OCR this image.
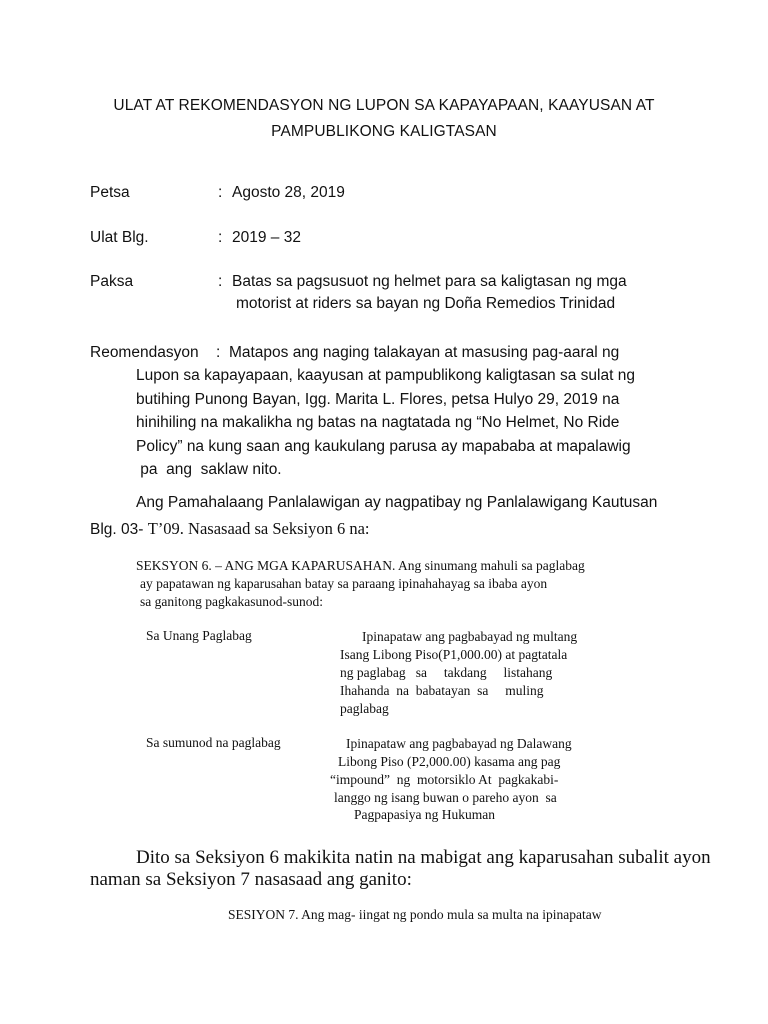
ULAT AT REKOMENDASYON NG LUPON SA KAPAYAPAAN, KAAYUSAN AT
PAMPUBLIKONG KALIGTASAN
Petsa	: Agosto 28, 2019
Ulat Blg.	: 2019 – 32
Paksa	: Batas sa pagsusuot ng helmet para sa kaligtasan ng mga
motorist at riders sa bayan ng Doña Remedios Trinidad
Reomendasyon : Matapos ang naging talakayan at masusing pag-aaral ng
Lupon sa kapayapaan, kaayusan at pampublikong kaligtasan sa sulat ng
butihing Punong Bayan, Igg. Marita L. Flores, petsa Hulyo 29, 2019 na
hinihiling na makalikha ng batas na nagtatada ng “No Helmet, No Ride
Policy” na kung saan ang kaukulang parusa ay mapababa at mapalawig
pa  ang  saklaw nito.
Ang Pamahalaang Panlalawigan ay nagpatibay ng Panlalawigang Kautusan
Blg. 03- T’09. Nasasaad sa Seksiyon 6 na:
SEKSYON 6. – ANG MGA KAPARUSAHAN. Ang sinumang mahuli sa paglabag
ay papatawan ng kaparusahan batay sa paraang ipinahahayag sa ibaba ayon
sa ganitong pagkakasunod-sunod:
Sa Unang Paglabag	Ipinapataw ang pagbabayad ng multang
Isang Libong Piso(P1,000.00) at pagtatala
ng paglabag   sa     takdang     listahang
Ihahanda  na  babatayan  sa     muling
paglabag
Sa sumunod na paglabag	Ipinapataw ang pagbabayad ng Dalawang
Libong Piso (P2,000.00) kasama ang pag
“impound”  ng  motorsiklo At  pagkakabi-
langgo ng isang buwan o pareho ayon  sa
Pagpapasiya ng Hukuman
Dito sa Seksiyon 6 makikita natin na mabigat ang kaparusahan subalit ayon
naman sa Seksiyon 7 nasasaad ang ganito:
SESIYON 7. Ang mag- iingat ng pondo mula sa multa na ipinapataw
